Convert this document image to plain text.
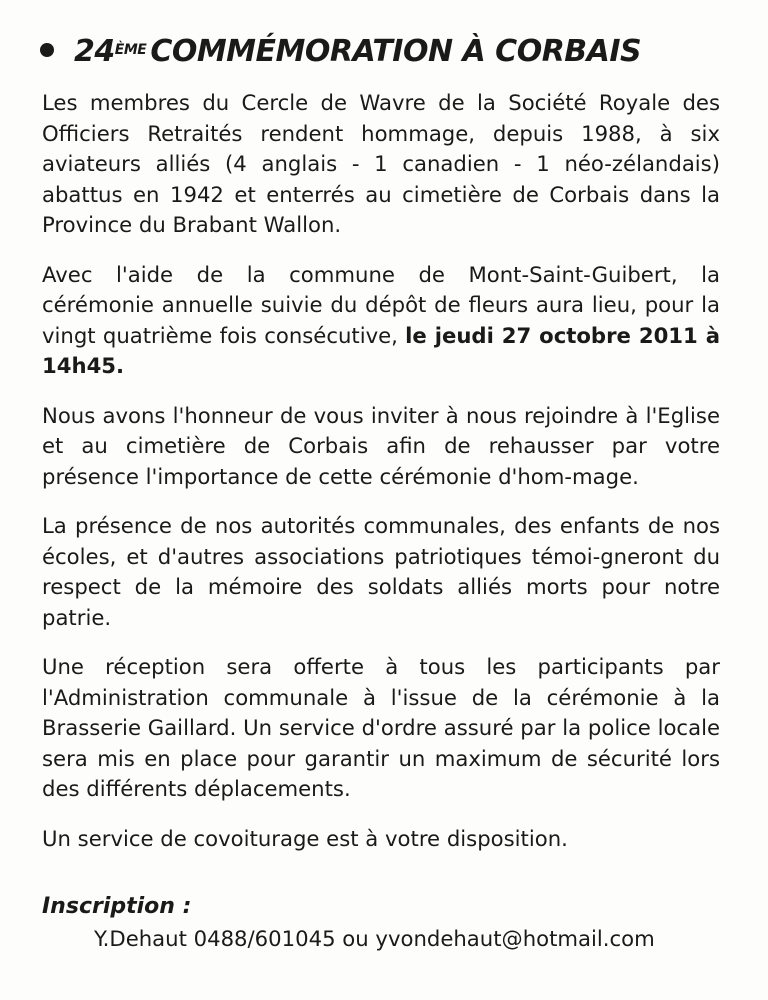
24ÈME COMMÉMORATION À CORBAIS

Les membres du Cercle de Wavre de la Société Royale des Officiers Retraités rendent hommage, depuis 1988, à six aviateurs alliés (4 anglais - 1 canadien - 1 néo-zélandais) abattus en 1942 et enterrés au cimetière de Corbais dans la Province du Brabant Wallon.

Avec l'aide de la commune de Mont-Saint-Guibert, la cérémonie annuelle suivie du dépôt de fleurs aura lieu, pour la vingt quatrième fois consécutive, le jeudi 27 octobre 2011 à 14h45.

Nous avons l'honneur de vous inviter à nous rejoindre à l'Eglise et au cimetière de Corbais afin de rehausser par votre présence l'importance de cette cérémonie d'hom-mage.

La présence de nos autorités communales, des enfants de nos écoles, et d'autres associations patriotiques témoi-gneront du respect de la mémoire des soldats alliés morts pour notre patrie.

Une réception sera offerte à tous les participants par l'Administration communale à l'issue de la cérémonie à la Brasserie Gaillard. Un service d'ordre assuré par la police locale sera mis en place pour garantir un maximum de sécurité lors des différents déplacements.

Un service de covoiturage est à votre disposition.

Inscription :
Y.Dehaut 0488/601045 ou yvondehaut@hotmail.com
